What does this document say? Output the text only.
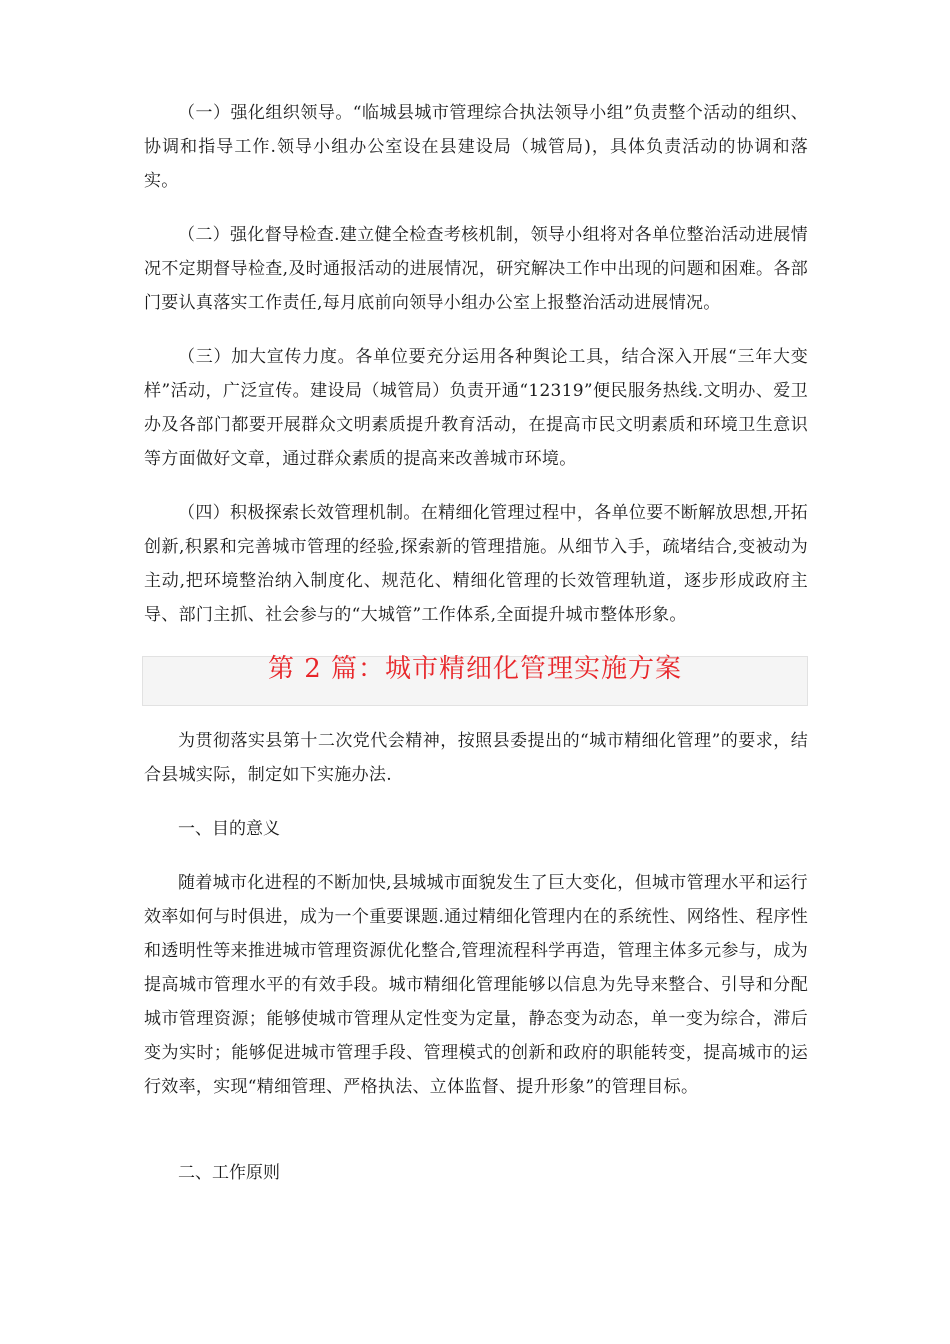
（一）强化组织领导。“临城县城市管理综合执法领导小组”负责整个活动的组织、协调和指导工作.领导小组办公室设在县建设局（城管局)，具体负责活动的协调和落实。

（二）强化督导检查.建立健全检查考核机制，领导小组将对各单位整治活动进展情况不定期督导检查,及时通报活动的进展情况，研究解决工作中出现的问题和困难。各部门要认真落实工作责任,每月底前向领导小组办公室上报整治活动进展情况。

（三）加大宣传力度。各单位要充分运用各种舆论工具，结合深入开展“三年大变样”活动，广泛宣传。建设局（城管局）负责开通“12319”便民服务热线.文明办、爱卫办及各部门都要开展群众文明素质提升教育活动，在提高市民文明素质和环境卫生意识等方面做好文章，通过群众素质的提高来改善城市环境。

（四）积极探索长效管理机制。在精细化管理过程中，各单位要不断解放思想,开拓创新,积累和完善城市管理的经验,探索新的管理措施。从细节入手，疏堵结合,变被动为主动,把环境整治纳入制度化、规范化、精细化管理的长效管理轨道，逐步形成政府主导、部门主抓、社会参与的“大城管”工作体系,全面提升城市整体形象。

第 2 篇：城市精细化管理实施方案

为贯彻落实县第十二次党代会精神，按照县委提出的“城市精细化管理”的要求，结合县城实际，制定如下实施办法.

一、目的意义

随着城市化进程的不断加快,县城城市面貌发生了巨大变化，但城市管理水平和运行效率如何与时俱进，成为一个重要课题.通过精细化管理内在的系统性、网络性、程序性和透明性等来推进城市管理资源优化整合,管理流程科学再造，管理主体多元参与，成为提高城市管理水平的有效手段。城市精细化管理能够以信息为先导来整合、引导和分配城市管理资源；能够使城市管理从定性变为定量，静态变为动态，单一变为综合，滞后变为实时；能够促进城市管理手段、管理模式的创新和政府的职能转变，提高城市的运行效率，实现“精细管理、严格执法、立体监督、提升形象”的管理目标。

二、工作原则
